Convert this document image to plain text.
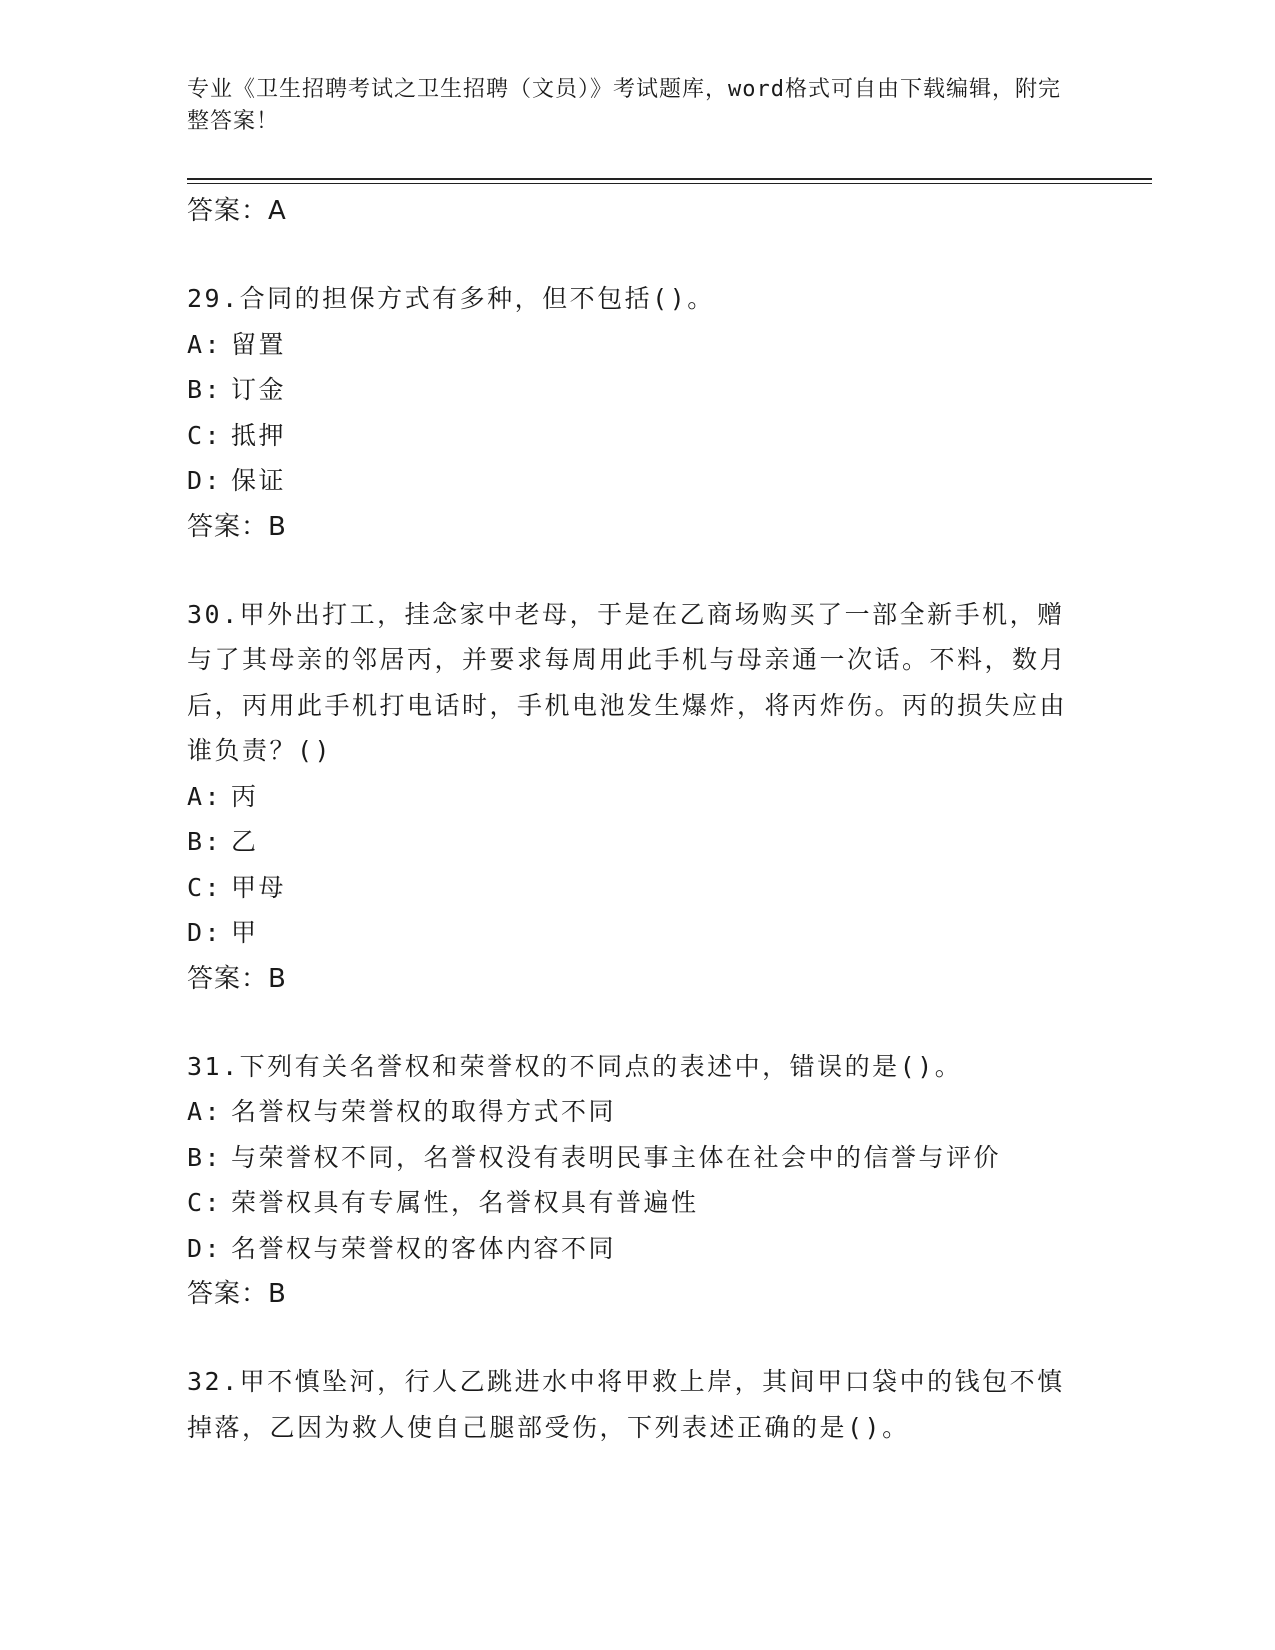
专业《卫生招聘考试之卫生招聘（文员）》考试题库，word格式可自由下载编辑，附完整答案！
答案：A

29.合同的担保方式有多种，但不包括()。

A: 留置
B: 订金
C: 抵押
D: 保证
答案：B

30.甲外出打工，挂念家中老母，于是在乙商场购买了一部全新手机，赠与了其母亲的邻居丙，并要求每周用此手机与母亲通一次话。不料，数月后，丙用此手机打电话时，手机电池发生爆炸，将丙炸伤。丙的损失应由谁负责？()

A: 丙
B: 乙
C: 甲母
D: 甲
答案：B

31.下列有关名誉权和荣誉权的不同点的表述中，错误的是()。

A: 名誉权与荣誉权的取得方式不同
B: 与荣誉权不同，名誉权没有表明民事主体在社会中的信誉与评价
C: 荣誉权具有专属性，名誉权具有普遍性
D: 名誉权与荣誉权的客体内容不同
答案：B

32.甲不慎坠河，行人乙跳进水中将甲救上岸，其间甲口袋中的钱包不慎掉落，乙因为救人使自己腿部受伤，下列表述正确的是()。
